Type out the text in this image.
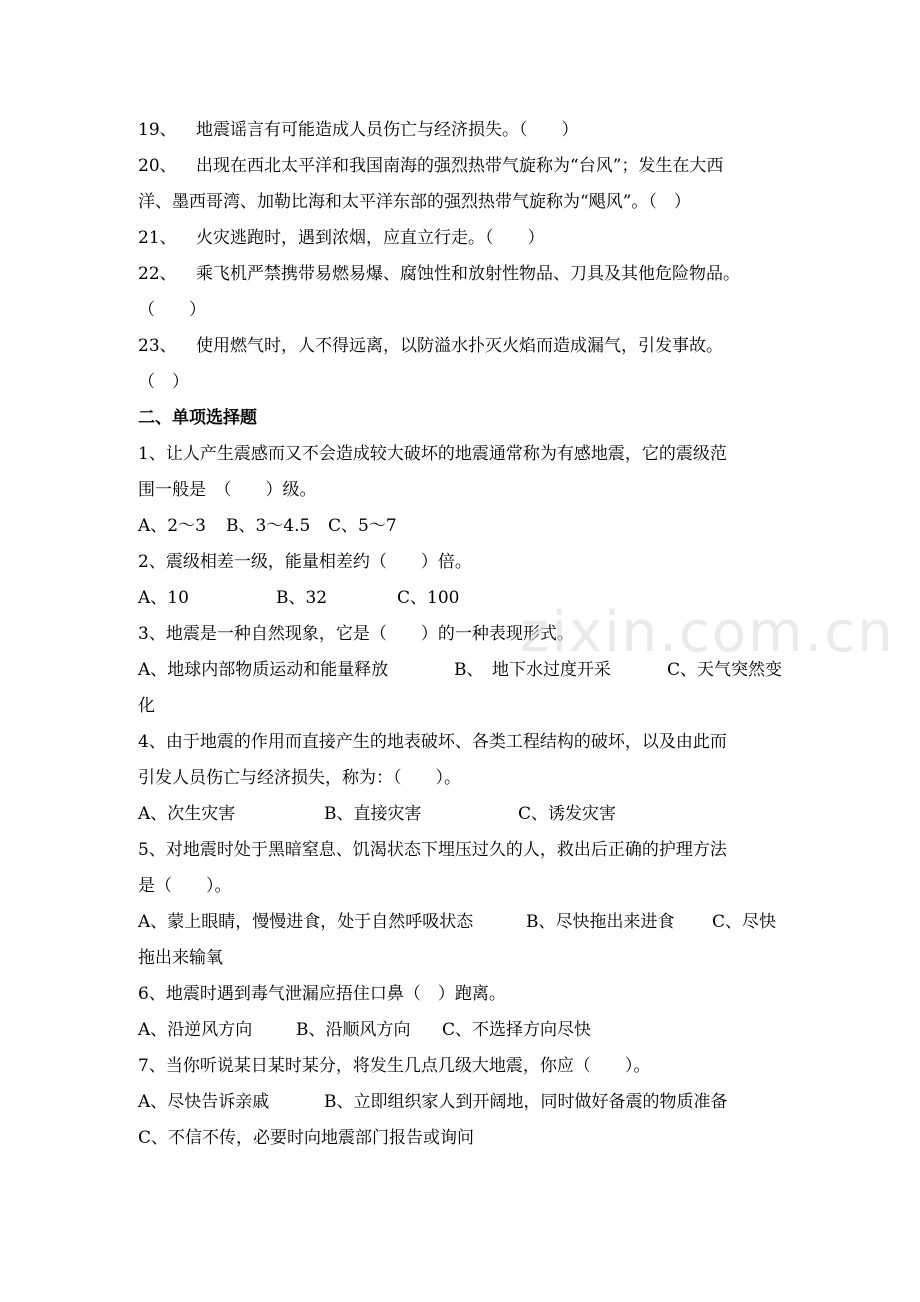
19、 地震谣言有可能造成人员伤亡与经济损失。（　　）
20、 出现在西北太平洋和我国南海的强烈热带气旋称为“台风”；发生在大西
洋、墨西哥湾、加勒比海和太平洋东部的强烈热带气旋称为“飓风”。（　）
21、 火灾逃跑时，遇到浓烟，应直立行走。（　　）
22、 乘飞机严禁携带易燃易爆、腐蚀性和放射性物品、刀具及其他危险物品。
（　　）
23、 使用燃气时，人不得远离，以防溢水扑灭火焰而造成漏气，引发事故。
（　）
二、单项选择题
1、让人产生震感而又不会造成较大破坏的地震通常称为有感地震，它的震级范
围一般是　（　　）级。
A、2～3 B、3～4.5 C、5～7
2、震级相差一级，能量相差约（　　）倍。
A、10	B、32	C、100
3、地震是一种自然现象，它是（　　）的一种表现形式。
A、地球内部物质运动和能量释放	B、　地下水过度开采	C、天气突然变
化
4、由于地震的作用而直接产生的地表破坏、各类工程结构的破坏，以及由此而
引发人员伤亡与经济损失，称为：（　　）。
A、次生灾害	B、直接灾害	C、诱发灾害
5、对地震时处于黑暗窒息、饥渴状态下埋压过久的人，救出后正确的护理方法
是（　　）。
A、蒙上眼睛，慢慢进食，处于自然呼吸状态	B、尽快拖出来进食 C、尽快
拖出来输氧
6、地震时遇到毒气泄漏应捂住口鼻（　）跑离。
A、沿逆风方向	B、沿顺风方向 C、不选择方向尽快
7、当你听说某日某时某分，将发生几点几级大地震，你应（　　）。
A、尽快告诉亲戚	B、立即组织家人到开阔地，同时做好备震的物质准备
C、不信不传，必要时向地震部门报告或询问
zixin.com.cn
